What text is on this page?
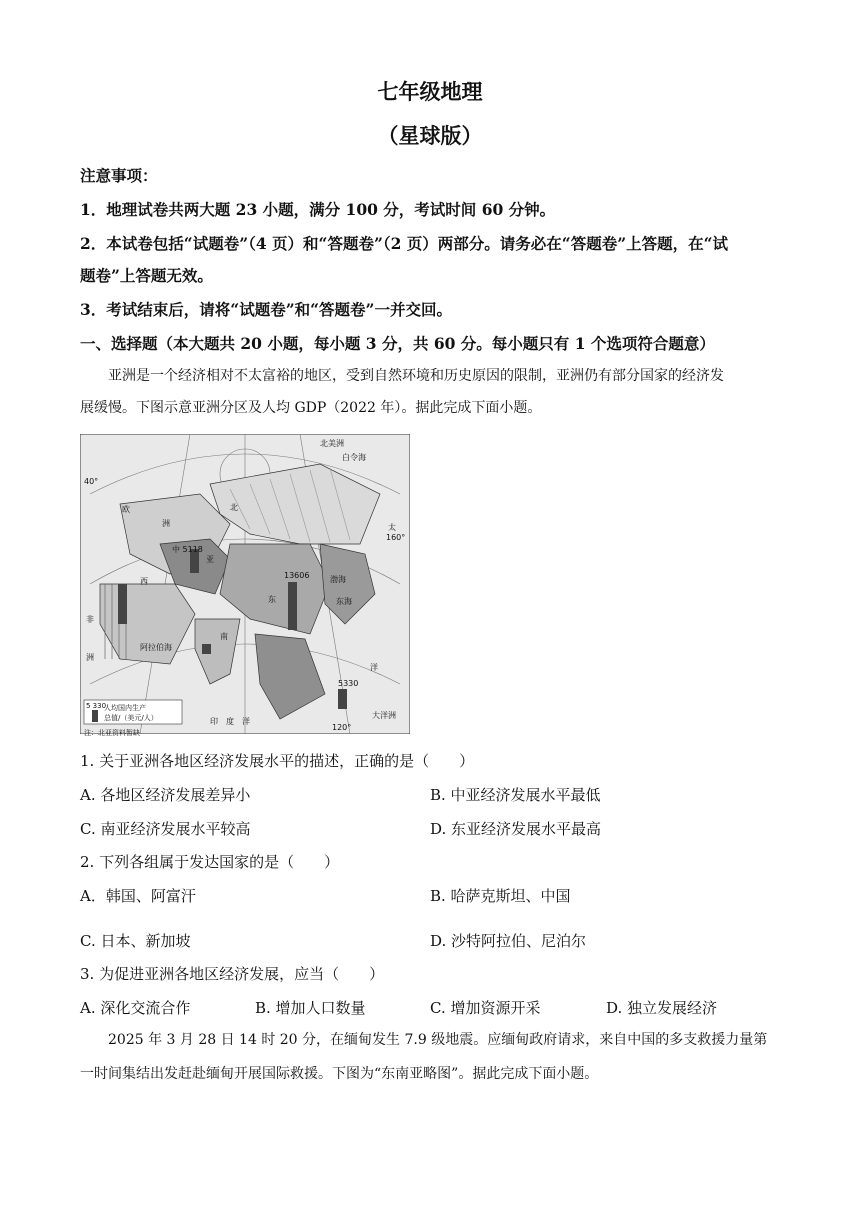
七年级地理
（星球版）
注意事项：
1．地理试卷共两大题 23 小题，满分 100 分，考试时间 60 分钟。
2．本试卷包括“试题卷”（4 页）和“答题卷”（2 页）两部分。请务必在“答题卷”上答题，在“试
题卷”上答题无效。
3．考试结束后，请将“试题卷”和“答题卷”一并交回。
一、选择题（本大题共 20 小题，每小题 3 分，共 60 分。每小题只有 1 个选项符合题意）
亚洲是一个经济相对不太富裕的地区，受到自然环境和历史原因的限制，亚洲仍有部分国家的经济发
展缓慢。下图示意亚洲分区及人均 GDP（2022 年）。据此完成下面小题。
北美洲
白令海
欧
洲
非
洲
阿拉伯海
北
太
洋
印　度　洋
大洋洲
渤海
东海
中 5118
13606
5330
160°
40°
120°
西
亚
东
南
5 330
人均国内生产
总值/（美元/人）
注：北亚资料暂缺
1. 关于亚洲各地区经济发展水平的描述，正确的是（　　）
A. 各地区经济发展差异小	B. 中亚经济发展水平最低
C. 南亚经济发展水平较高	D. 东亚经济发展水平最高
2. 下列各组属于发达国家的是（　　）
A．韩国、阿富汗	B. 哈萨克斯坦、中国
C. 日本、新加坡	D. 沙特阿拉伯、尼泊尔
3. 为促进亚洲各地区经济发展，应当（　　）
A. 深化交流合作	B. 增加人口数量	C. 增加资源开采	D. 独立发展经济
2025 年 3 月 28 日 14 时 20 分，在缅甸发生 7.9 级地震。应缅甸政府请求，来自中国的多支救援力量第
一时间集结出发赶赴缅甸开展国际救援。下图为“东南亚略图”。据此完成下面小题。
